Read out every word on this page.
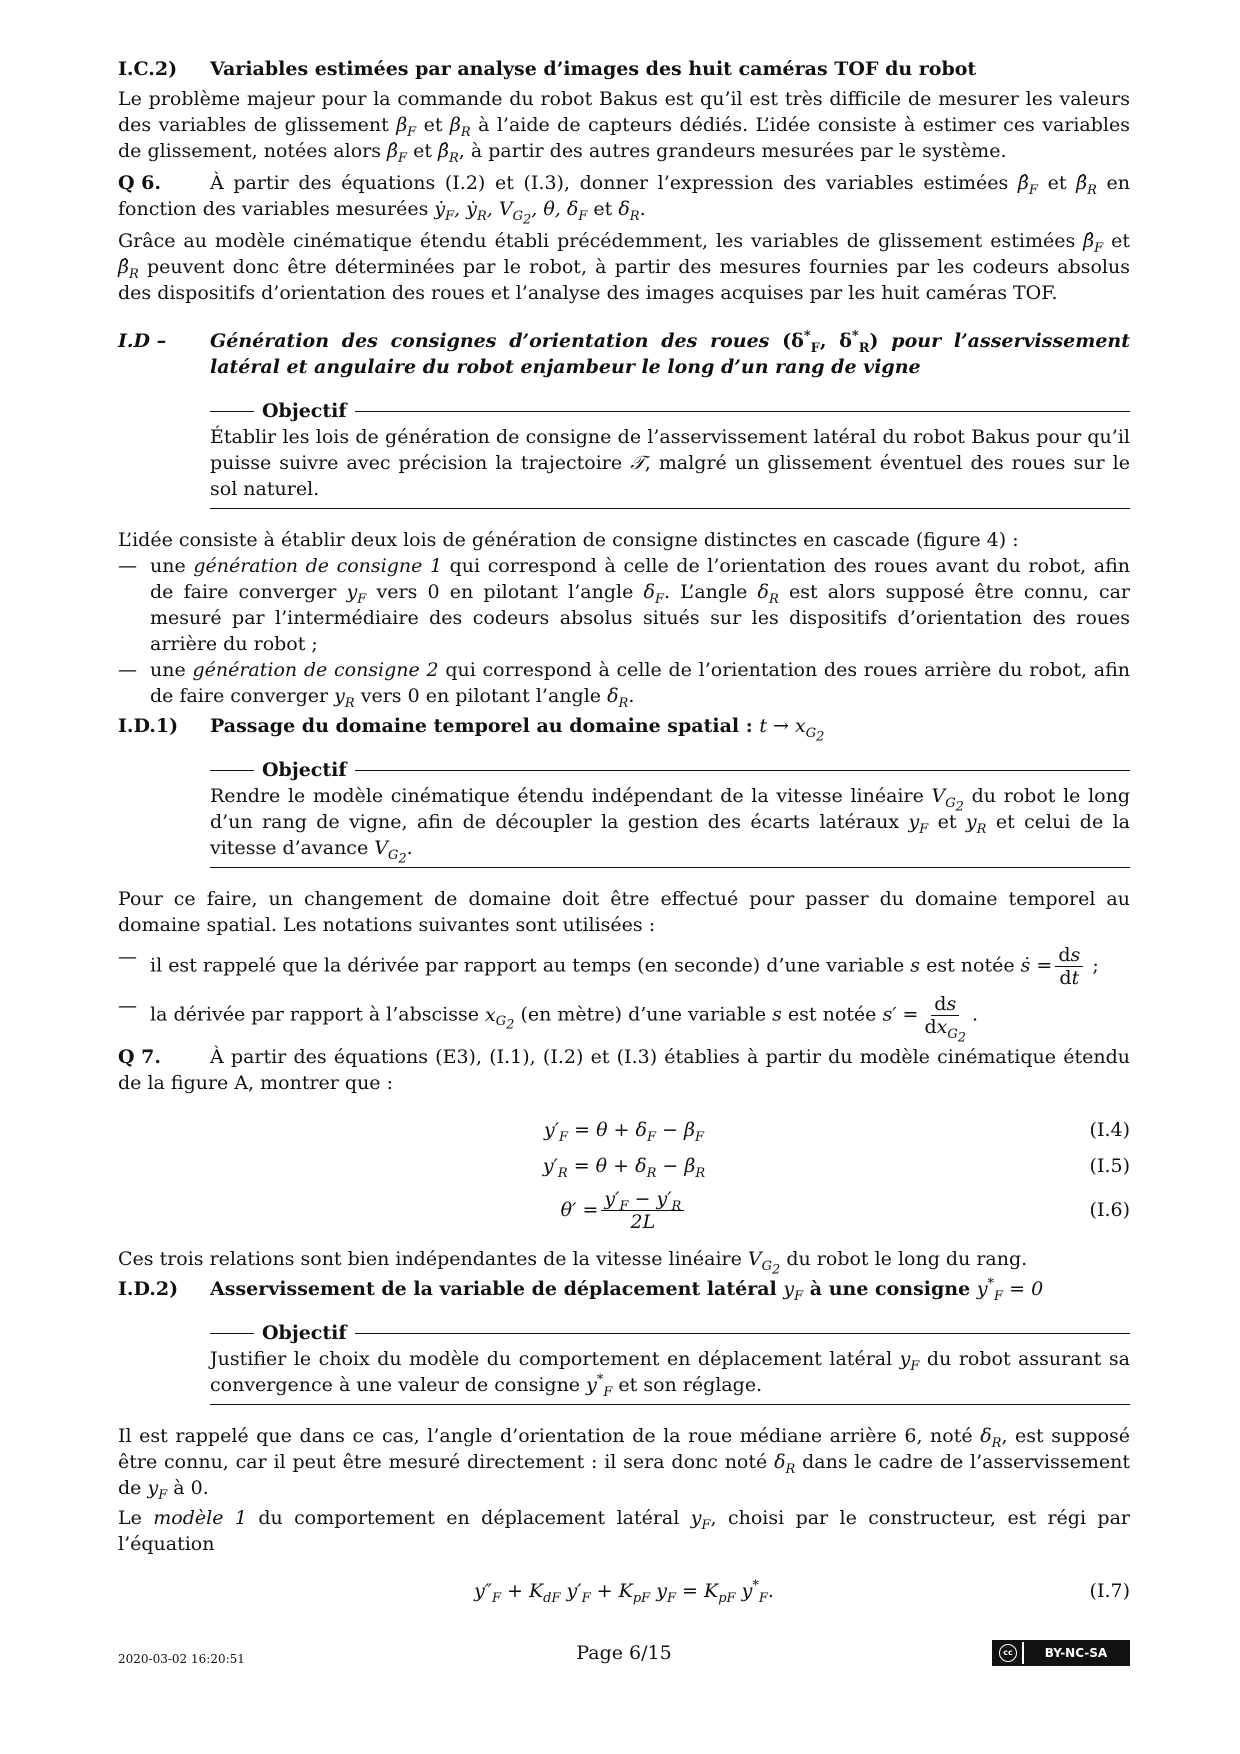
I.C.2)	Variables estimées par analyse d’images des huit caméras TOF du robot

Le problème majeur pour la commande du robot Bakus est qu’il est très difficile de mesurer les valeurs des variables de glissement $\beta_F$ et $\beta_R$ à l’aide de capteurs dédiés. L’idée consiste à estimer ces variables de glissement, notées alors $\betâ_F$ et $\betâ_R$, à partir des autres grandeurs mesurées par le système.

Q 6.	À partir des équations (I.2) et (I.3), donner l’expression des variables estimées $\betâ_F$ et $\betâ_R$ en fonction des variables mesurées ẏ$_F$, ẏ$_R$, $V_{G_2}$, θ, $\delta_F$ et $\delta_R$.

Grâce au modèle cinématique étendu établi précédemment, les variables de glissement estimées $\betâ_F$ et $\betâ_R$ peuvent donc être déterminées par le robot, à partir des mesures fournies par les codeurs absolus des dispositifs d’orientation des roues et l’analyse des images acquises par les huit caméras TOF.

I.D –	Génération des consignes d’orientation des roues ($\delta^*_F$, $\delta^*_R$) pour l’asservissement latéral et angulaire du robot enjambeur le long d’un rang de vigne
Objectif
Établir les lois de génération de consigne de l’asservissement latéral du robot Bakus pour qu’il puisse suivre avec précision la trajectoire 𝒯, malgré un glissement éventuel des roues sur le sol naturel.

L’idée consiste à établir deux lois de génération de consigne distinctes en cascade (figure 4) :

— une génération de consigne 1 qui correspond à celle de l’orientation des roues avant du robot, afin de faire converger $y_F$ vers 0 en pilotant l’angle $\delta_F$. L’angle $\delta_R$ est alors supposé être connu, car mesuré par l’intermédiaire des codeurs absolus situés sur les dispositifs d’orientation des roues arrière du robot ;
— une génération de consigne 2 qui correspond à celle de l’orientation des roues arrière du robot, afin de faire converger $y_R$ vers 0 en pilotant l’angle $\delta_R$.
I.D.1)	Passage du domaine temporel au domaine spatial : $t \to x_{G_2}$
Objectif
Rendre le modèle cinématique étendu indépendant de la vitesse linéaire $V_{G_2}$ du robot le long d’un rang de vigne, afin de découpler la gestion des écarts latéraux $y_F$ et $y_R$ et celui de la vitesse d’avance $V_{G_2}$.

Pour ce faire, un changement de domaine doit être effectué pour passer du domaine temporel au domaine spatial. Les notations suivantes sont utilisées :

— il est rappelé que la dérivée par rapport au temps (en seconde) d’une variable s est notée ṡ = $\frac{ds}{dt}$ ;
— la dérivée par rapport à l’abscisse $x_{G_2}$ (en mètre) d’une variable s est notée $s' = \frac{ds}{dx_{G_2}}$ .

Q 7.	À partir des équations (E3), (I.1), (I.2) et (I.3) établies à partir du modèle cinématique étendu de la figure A, montrer que :

$y'_F = \theta + \delta_F - \beta_F$	(I.4)
$y'_R = \theta + \delta_R - \beta_R$	(I.5)
$\theta' = \frac{y'_F - y'_R}{2L}$	(I.6)

Ces trois relations sont bien indépendantes de la vitesse linéaire $V_{G_2}$ du robot le long du rang.

I.D.2)	Asservissement de la variable de déplacement latéral $y_F$ à une consigne $y^*_F = 0$
Objectif
Justifier le choix du modèle du comportement en déplacement latéral $y_F$ du robot assurant sa convergence à une valeur de consigne $y^*_F$ et son réglage.

Il est rappelé que dans ce cas, l’angle d’orientation de la roue médiane arrière 6, noté $\delta_R$, est supposé être connu, car il peut être mesuré directement : il sera donc noté $\delta_R$ dans le cadre de l’asservissement de $y_F$ à 0.

Le modèle 1 du comportement en déplacement latéral $y_F$, choisi par le constructeur, est régi par l’équation

$y''_F + K_{dF}$ $y'_F + K_{pF}$ $y_F = K_{pF}$ $y^*_F$.	(I.7)
2020-03-02 16:20:51	Page 6/15	cc	BY-NC-SA
